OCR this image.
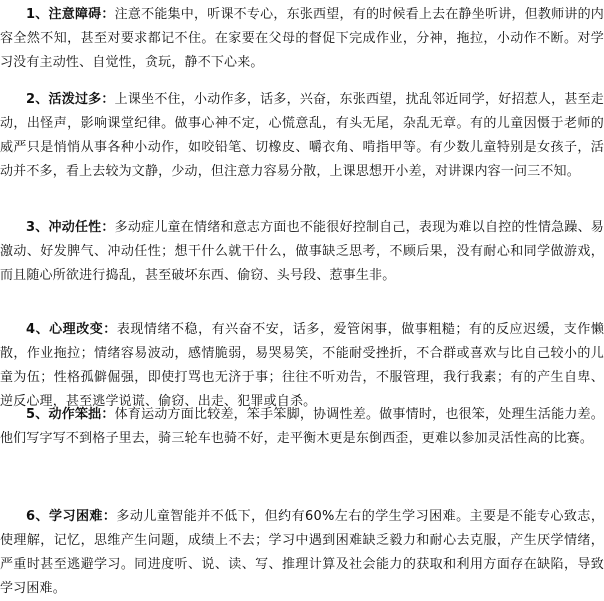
1、注意障碍：注意不能集中，听课不专心，东张西望，有的时候看上去在静坐听讲，但教师讲的内容全然不知，甚至对要求都记不住。在家要在父母的督促下完成作业，分神，拖拉，小动作不断。对学习没有主动性、自觉性，贪玩，静不下心来。

2、活泼过多：上课坐不住，小动作多，话多，兴奋，东张西望，扰乱邻近同学，好招惹人，甚至走动，出怪声，影响课堂纪律。做事心神不定，心慌意乱，有头无尾，杂乱无章。有的儿童因慑于老师的威严只是悄悄从事各种小动作，如咬铅笔、切橡皮、嚼衣角、啃指甲等。有少数儿童特别是女孩子，活动并不多，看上去较为文静，少动，但注意力容易分散，上课思想开小差，对讲课内容一问三不知。

3、冲动任性：多动症儿童在情绪和意志方面也不能很好控制自己，表现为难以自控的性情急躁、易激动、好发脾气、冲动任性；想干什么就干什么，做事缺乏思考，不顾后果，没有耐心和同学做游戏，而且随心所欲进行捣乱，甚至破坏东西、偷窃、头号段、惹事生非。

4、心理改变：表现情绪不稳，有兴奋不安，话多，爱管闲事，做事粗糙；有的反应迟缓，支作懒散，作业拖拉；情绪容易波动，感情脆弱，易哭易笑，不能耐受挫折，不合群或喜欢与比自己较小的儿童为伍；性格孤僻倔强，即使打骂也无济于事；往往不听劝告，不服管理，我行我素；有的产生自卑、逆反心理，甚至逃学说谎、偷窃、出走、犯罪或自杀。

5、动作笨拙：体育运动方面比较差，笨手笨脚，协调性差。做事情时，也很笨，处理生活能力差。他们写字写不到格子里去，骑三轮车也骑不好，走平衡木更是东倒西歪，更难以参加灵活性高的比赛。

6、学习困难：多动儿童智能并不低下，但约有60%左右的学生学习困难。主要是不能专心致志，使理解，记忆，思维产生问题，成绩上不去；学习中遇到困难缺乏毅力和耐心去克服，产生厌学情绪，严重时甚至逃避学习。同进度听、说、读、写、推理计算及社会能力的获取和利用方面存在缺陷，导致学习困难。
